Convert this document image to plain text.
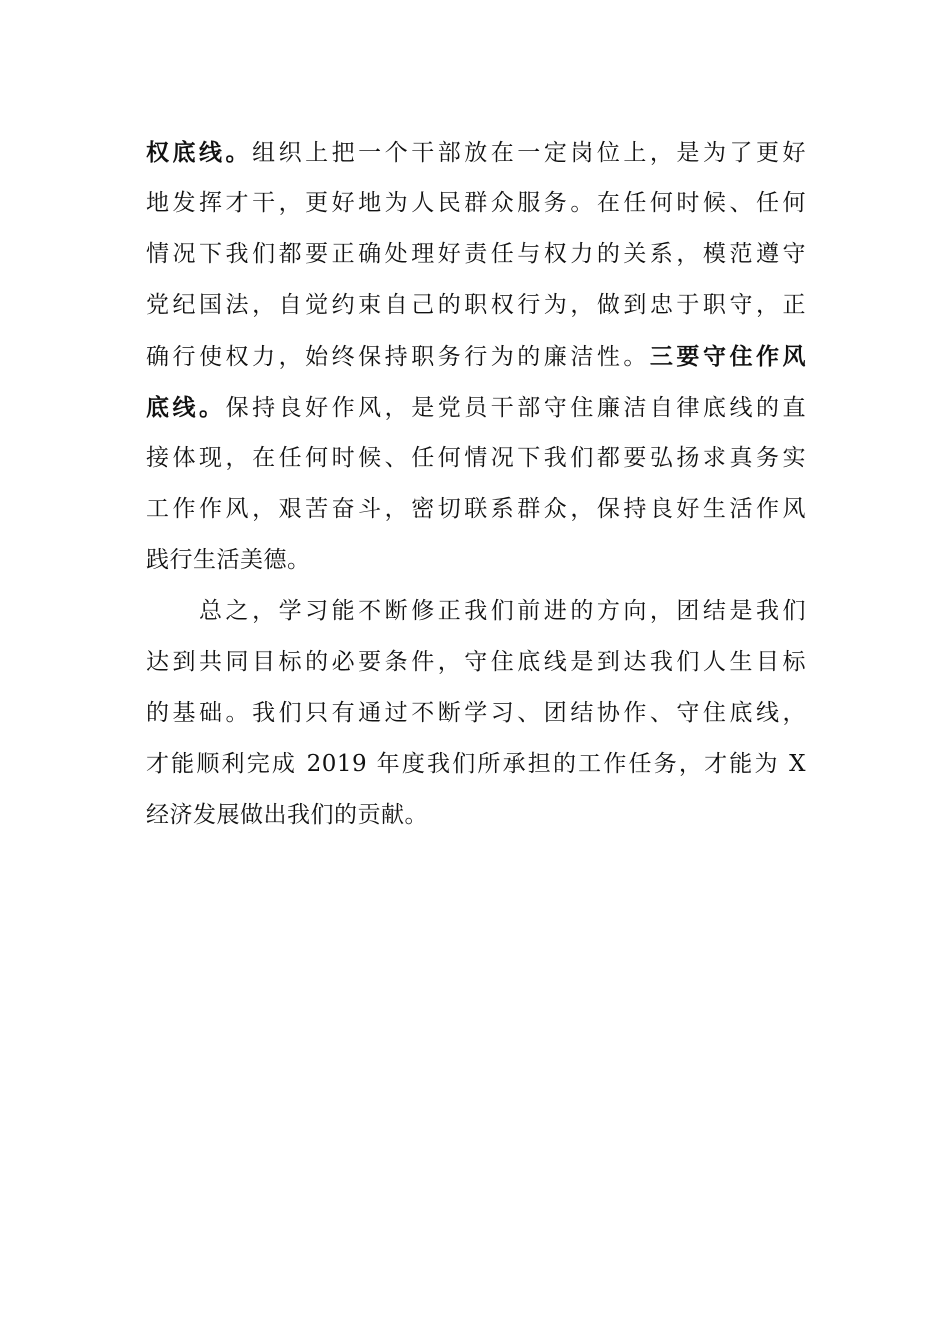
权底线。组织上把一个干部放在一定岗位上，是为了更好
地发挥才干，更好地为人民群众服务。在任何时候、任何
情况下我们都要正确处理好责任与权力的关系，模范遵守
党纪国法，自觉约束自己的职权行为，做到忠于职守，正
确行使权力，始终保持职务行为的廉洁性。三要守住作风
底线。保持良好作风，是党员干部守住廉洁自律底线的直
接体现，在任何时候、任何情况下我们都要弘扬求真务实
工作作风，艰苦奋斗，密切联系群众，保持良好生活作风
践行生活美德。
　　总之，学习能不断修正我们前进的方向，团结是我们
达到共同目标的必要条件，守住底线是到达我们人生目标
的基础。我们只有通过不断学习、团结协作、守住底线，
才能顺利完成 2019 年度我们所承担的工作任务，才能为 X
经济发展做出我们的贡献。
